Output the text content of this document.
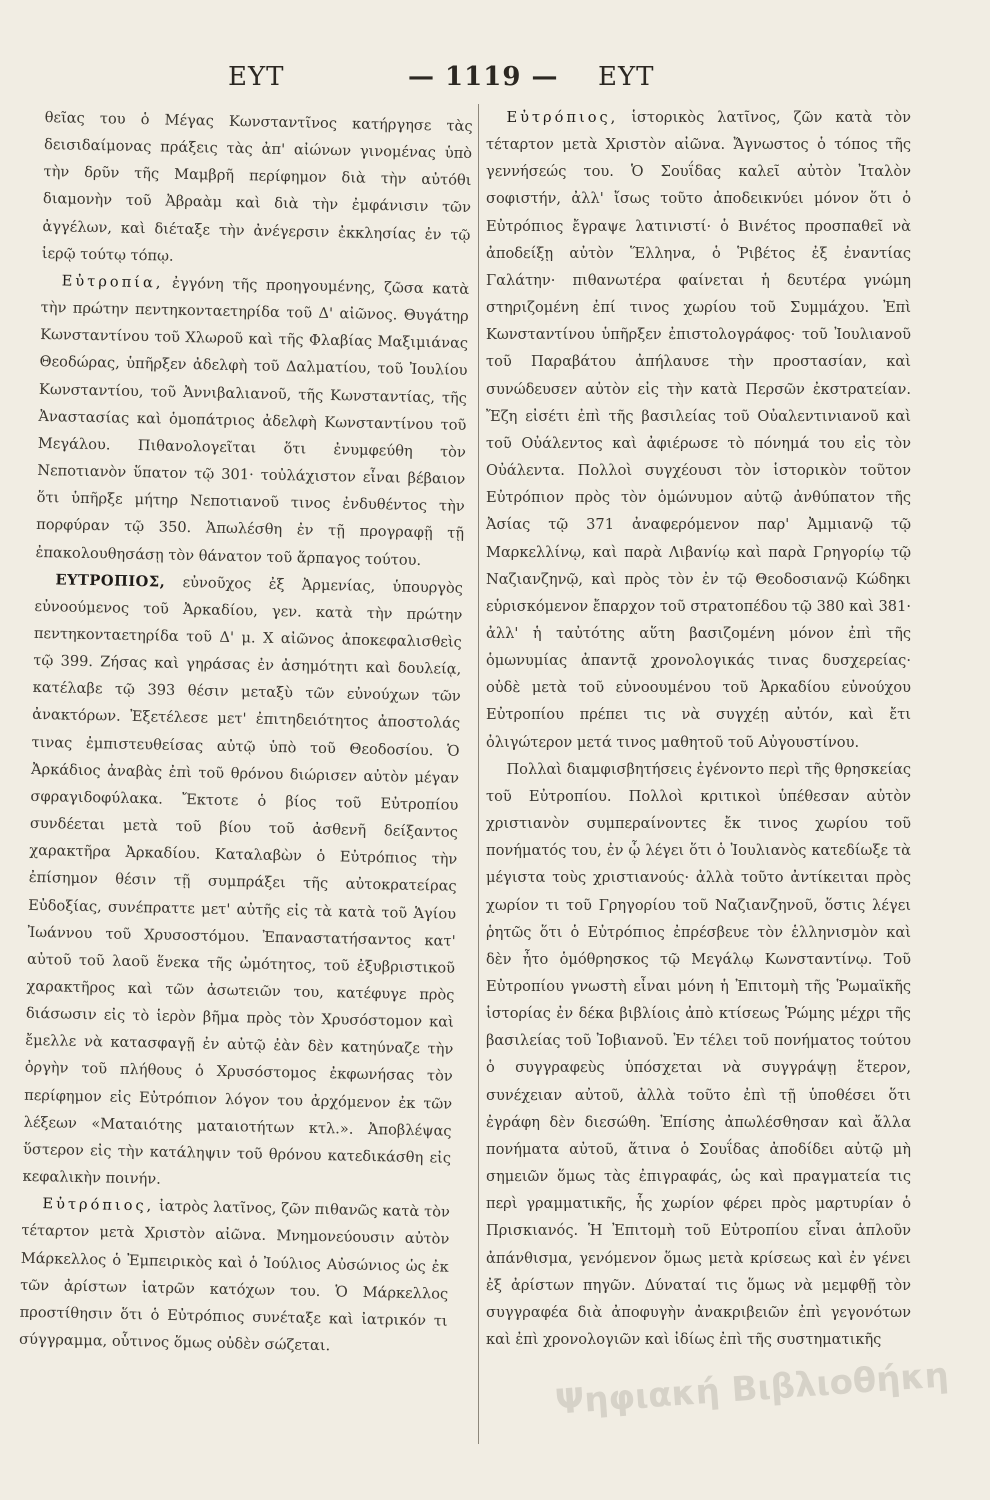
ΕΥΤ	— 1119 — ΕΥΤ

θεῖας του ὁ Μέγας Κωνσταντῖνος κατήργησε τὰς δεισιδαίμονας πράξεις τὰς ἀπ' αἰώνων γινομένας ὑπὸ τὴν δρῦν τῆς Μαμβρῆ περίφημον διὰ τὴν αὐτόθι διαμονὴν τοῦ Ἀβραὰμ καὶ διὰ τὴν ἐμφάνισιν τῶν ἀγγέλων, καὶ διέταξε τὴν ἀνέγερσιν ἐκκλησίας ἐν τῷ ἱερῷ τούτῳ τόπῳ.

Εὐτροπία, ἐγγόνη τῆς προηγουμένης, ζῶσα κατὰ τὴν πρώτην πεντηκονταετηρίδα τοῦ Δ' αἰῶνος. Θυγάτηρ Κωνσταντίνου τοῦ Χλωροῦ καὶ τῆς Φλαβίας Μαξιμιάνας Θεοδώρας, ὑπῆρξεν ἀδελφὴ τοῦ Δαλματίου, τοῦ Ἰουλίου Κωνσταντίου, τοῦ Ἀννιβαλιανοῦ, τῆς Κωνσταντίας, τῆς Ἀναστασίας καὶ ὁμοπάτριος ἀδελφὴ Κωνσταντίνου τοῦ Μεγάλου. Πιθανολογεῖται ὅτι ἐνυμφεύθη τὸν Νεποτιανὸν ὕπατον τῷ 301· τοὐλάχιστον εἶναι βέβαιον ὅτι ὑπῆρξε μήτηρ Νεποτιανοῦ τινος ἐνδυθέντος τὴν πορφύραν τῷ 350. Ἀπωλέσθη ἐν τῇ προγραφῇ τῇ ἐπακολουθησάσῃ τὸν θάνατον τοῦ ἅρπαγος τούτου.

ΕΥΤΡΟΠΙΟΣ, εὐνοῦχος ἐξ Ἀρμενίας, ὑπουργὸς εὐνοούμενος τοῦ Ἀρκαδίου, γεν. κατὰ τὴν πρώτην πεντηκονταετηρίδα τοῦ Δ' μ. Χ αἰῶνος ἀποκεφαλισθεὶς τῷ 399. Ζήσας καὶ γηράσας ἐν ἀσημότητι καὶ δουλείᾳ, κατέλαβε τῷ 393 θέσιν μεταξὺ τῶν εὐνούχων τῶν ἀνακτόρων. Ἐξετέλεσε μετ' ἐπιτηδειότητος ἀποστολάς τινας ἐμπιστευθείσας αὐτῷ ὑπὸ τοῦ Θεοδοσίου. Ὁ Ἀρκάδιος ἀναβὰς ἐπὶ τοῦ θρόνου διώρισεν αὐτὸν μέγαν σφραγιδοφύλακα. Ἔκτοτε ὁ βίος τοῦ Εὐτροπίου συνδέεται μετὰ τοῦ βίου τοῦ ἀσθενῆ δείξαντος χαρακτῆρα Ἀρκαδίου. Καταλαβὼν ὁ Εὐτρόπιος τὴν ἐπίσημον θέσιν τῇ συμπράξει τῆς αὐτοκρατείρας Εὐδοξίας, συνέπραττε μετ' αὐτῆς εἰς τὰ κατὰ τοῦ Ἁγίου Ἰωάννου τοῦ Χρυσοστόμου. Ἐπαναστατήσαντος κατ' αὐτοῦ τοῦ λαοῦ ἕνεκα τῆς ὠμότητος, τοῦ ἐξυβριστικοῦ χαρακτῆρος καὶ τῶν ἀσωτειῶν του, κατέφυγε πρὸς διάσωσιν εἰς τὸ ἱερὸν βῆμα πρὸς τὸν Χρυσόστομον καὶ ἔμελλε νὰ κατασφαγῇ ἐν αὐτῷ ἐὰν δὲν κατηύναζε τὴν ὀργὴν τοῦ πλήθους ὁ Χρυσόστομος ἐκφωνήσας τὸν περίφημον εἰς Εὐτρόπιον λόγον του ἀρχόμενον ἐκ τῶν λέξεων «Ματαιότης ματαιοτήτων κτλ.». Ἀποβλέψας ὕστερον εἰς τὴν κατάληψιν τοῦ θρόνου κατεδικάσθη εἰς κεφαλικὴν ποινήν.

Εὐτρόπιος, ἰατρὸς λατῖνος, ζῶν πιθανῶς κατὰ τὸν τέταρτον μετὰ Χριστὸν αἰῶνα. Μνημονεύουσιν αὐτὸν Μάρκελλος ὁ Ἐμπειρικὸς καὶ ὁ Ἰούλιος Αὐσώνιος ὡς ἐκ τῶν ἀρίστων ἰατρῶν κατόχων του. Ὁ Μάρκελλος προστίθησιν ὅτι ὁ Εὐτρόπιος συνέταξε καὶ ἰατρικόν τι σύγγραμμα, οὗτινος ὅμως οὐδὲν σώζεται.

Εὐτρόπιος, ἱστορικὸς λατῖνος, ζῶν κατὰ τὸν τέταρτον μετὰ Χριστὸν αἰῶνα. Ἄγνωστος ὁ τόπος τῆς γεννήσεώς του. Ὁ Σουΐδας καλεῖ αὐτὸν Ἰταλὸν σοφιστήν, ἀλλ' ἴσως τοῦτο ἀποδεικνύει μόνον ὅτι ὁ Εὐτρόπιος ἔγραψε λατινιστί· ὁ Βινέτος προσπαθεῖ νὰ ἀποδείξῃ αὐτὸν Ἕλληνα, ὁ Ῥιβέτος ἐξ ἐναντίας Γαλάτην· πιθανωτέρα φαίνεται ἡ δευτέρα γνώμη στηριζομένη ἐπί τινος χωρίου τοῦ Συμμάχου. Ἐπὶ Κωνσταντίνου ὑπῆρξεν ἐπιστολογράφος· τοῦ Ἰουλιανοῦ τοῦ Παραβάτου ἀπήλαυσε τὴν προστασίαν, καὶ συνώδευσεν αὐτὸν εἰς τὴν κατὰ Περσῶν ἐκστρατείαν. Ἔζη εἰσέτι ἐπὶ τῆς βασιλείας τοῦ Οὐαλεντινιανοῦ καὶ τοῦ Οὐάλεντος καὶ ἀφιέρωσε τὸ πόνημά του εἰς τὸν Οὐάλεντα. Πολλοὶ συγχέουσι τὸν ἱστορικὸν τοῦτον Εὐτρόπιον πρὸς τὸν ὁμώνυμον αὐτῷ ἀνθύπατον τῆς Ἀσίας τῷ 371 ἀναφερόμενον παρ' Ἀμμιανῷ τῷ Μαρκελλίνῳ, καὶ παρὰ Λιβανίῳ καὶ παρὰ Γρηγορίῳ τῷ Ναζιανζηνῷ, καὶ πρὸς τὸν ἐν τῷ Θεοδοσιανῷ Κώδηκι εὑρισκόμενον ἔπαρχον τοῦ στρατοπέδου τῷ 380 καὶ 381· ἀλλ' ἡ ταὐτότης αὕτη βασιζομένη μόνον ἐπὶ τῆς ὁμωνυμίας ἀπαντᾷ χρονολογικάς τινας δυσχερείας· οὐδὲ μετὰ τοῦ εὐνοουμένου τοῦ Ἀρκαδίου εὐνούχου Εὐτροπίου πρέπει τις νὰ συγχέῃ αὐτόν, καὶ ἔτι ὀλιγώτερον μετά τινος μαθητοῦ τοῦ Αὐγουστίνου.

Πολλαὶ διαμφισβητήσεις ἐγένοντο περὶ τῆς θρησκείας τοῦ Εὐτροπίου. Πολλοὶ κριτικοὶ ὑπέθεσαν αὐτὸν χριστιανὸν συμπεραίνοντες ἔκ τινος χωρίου τοῦ πονήματός του, ἐν ᾧ λέγει ὅτι ὁ Ἰουλιανὸς κατεδίωξε τὰ μέγιστα τοὺς χριστιανούς· ἀλλὰ τοῦτο ἀντίκειται πρὸς χωρίον τι τοῦ Γρηγορίου τοῦ Ναζιανζηνοῦ, ὅστις λέγει ῥητῶς ὅτι ὁ Εὐτρόπιος ἐπρέσβευε τὸν ἑλληνισμὸν καὶ δὲν ἦτο ὁμόθρησκος τῷ Μεγάλῳ Κωνσταντίνῳ. Τοῦ Εὐτροπίου γνωστὴ εἶναι μόνη ἡ Ἐπιτομὴ τῆς Ῥωμαϊκῆς ἱστορίας ἐν δέκα βιβλίοις ἀπὸ κτίσεως Ῥώμης μέχρι τῆς βασιλείας τοῦ Ἰοβιανοῦ. Ἐν τέλει τοῦ πονήματος τούτου ὁ συγγραφεὺς ὑπόσχεται νὰ συγγράψῃ ἕτερον, συνέχειαν αὐτοῦ, ἀλλὰ τοῦτο ἐπὶ τῇ ὑποθέσει ὅτι ἐγράφη δὲν διεσώθη. Ἐπίσης ἀπωλέσθησαν καὶ ἄλλα πονήματα αὐτοῦ, ἅτινα ὁ Σουΐδας ἀποδίδει αὐτῷ μὴ σημειῶν ὅμως τὰς ἐπιγραφάς, ὡς καὶ πραγματεία τις περὶ γραμματικῆς, ἧς χωρίον φέρει πρὸς μαρτυρίαν ὁ Πρισκιανός. Ἡ Ἐπιτομὴ τοῦ Εὐτροπίου εἶναι ἁπλοῦν ἀπάνθισμα, γενόμενον ὅμως μετὰ κρίσεως καὶ ἐν γένει ἐξ ἀρίστων πηγῶν. Δύναταί τις ὅμως νὰ μεμφθῇ τὸν συγγραφέα διὰ ἀποφυγὴν ἀνακριβειῶν ἐπὶ γεγονότων καὶ ἐπὶ χρονολογιῶν καὶ ἰδίως ἐπὶ τῆς συστηματικῆς

Ψηφιακή Βιβλιοθήκη
